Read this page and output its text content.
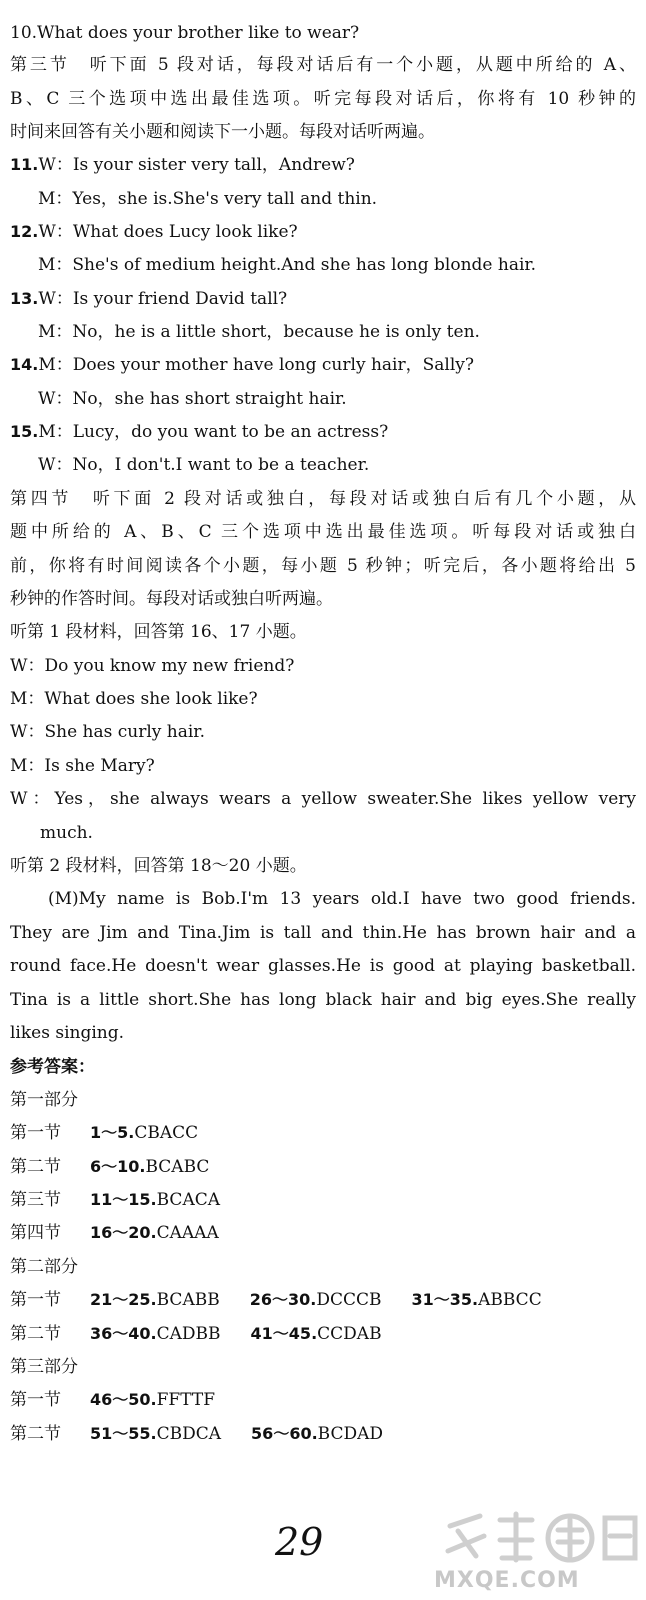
10.What does your brother like to wear?
第三节　听下面 5 段对话，每段对话后有一个小题，从题中所给的 A、
B、C 三个选项中选出最佳选项。听完每段对话后，你将有 10 秒钟的
时间来回答有关小题和阅读下一小题。每段对话听两遍。
11.W：Is your sister very tall，Andrew?
M：Yes，she is.She's very tall and thin.
12.W：What does Lucy look like?
M：She's of medium height.And she has long blonde hair.
13.W：Is your friend David tall?
M：No，he is a little short，because he is only ten.
14.M：Does your mother have long curly hair，Sally?
W：No，she has short straight hair.
15.M：Lucy，do you want to be an actress?
W：No，I don't.I want to be a teacher.
第四节　听下面 2 段对话或独白，每段对话或独白后有几个小题，从
题中所给的 A、B、C 三个选项中选出最佳选项。听每段对话或独白
前，你将有时间阅读各个小题，每小题 5 秒钟；听完后，各小题将给出 5
秒钟的作答时间。每段对话或独白听两遍。
听第 1 段材料，回答第 16、17 小题。
W：Do you know my new friend?
M：What does she look like?
W：She has curly hair.
M：Is she Mary?
W：Yes，she always wears a yellow sweater.She likes yellow very
much.
听第 2 段材料，回答第 18～20 小题。
(M)My name is Bob.I'm 13 years old.I have two good friends.
They are Jim and Tina.Jim is tall and thin.He has brown hair and a
round face.He doesn't wear glasses.He is good at playing basketball.
Tina is a little short.She has long black hair and big eyes.She really
likes singing.
参考答案：
第一部分
第一节 1～5.CBACC
第二节 6～10.BCABC
第三节 11～15.BCACA
第四节 16～20.CAAAA
第二部分
第一节 21～25.BCABB 26～30.DCCCB 31～35.ABBCC
第二节 36～40.CADBB 41～45.CCDAB
第三部分
第一节 46～50.FFTTF
第二节 51～55.CBDCA 56～60.BCDAD
29
MXQE.COM
